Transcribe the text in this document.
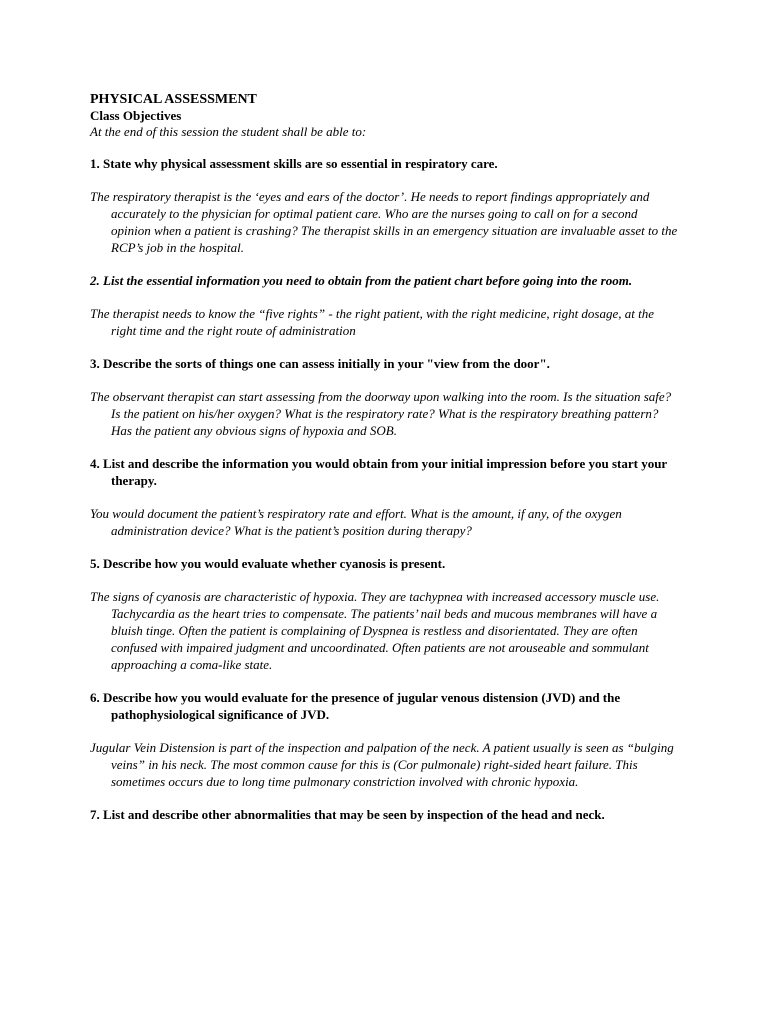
PHYSICAL ASSESSMENT

Class Objectives

At the end of this session the student shall be able to:

1. State why physical assessment skills are so essential in respiratory care.

The respiratory therapist is the ‘eyes and ears of the doctor’. He needs to report findings appropriately and accurately to the physician for optimal patient care. Who are the nurses going to call on for a second opinion when a patient is crashing? The therapist skills in an emergency situation are invaluable asset to the RCP’s job in the hospital.

2. List the essential information you need to obtain from the patient chart before going into the room.

The therapist needs to know the “five rights” - the right patient, with the right medicine, right dosage, at the right time and the right route of administration

3. Describe the sorts of things one can assess initially in your "view from the door".

The observant therapist can start assessing from the doorway upon walking into the room. Is the situation safe? Is the patient on his/her oxygen? What is the respiratory rate? What is the respiratory breathing pattern? Has the patient any obvious signs of hypoxia and SOB.

4. List and describe the information you would obtain from your initial impression before you start your therapy.

You would document the patient’s respiratory rate and effort. What is the amount, if any, of the oxygen administration device? What is the patient’s position during therapy?

5. Describe how you would evaluate whether cyanosis is present.

The signs of cyanosis are characteristic of hypoxia. They are tachypnea with increased accessory muscle use. Tachycardia as the heart tries to compensate. The patients’ nail beds and mucous membranes will have a bluish tinge. Often the patient is complaining of Dyspnea is restless and disorientated. They are often confused with impaired judgment and uncoordinated. Often patients are not arouseable and sommulant approaching a coma-like state.

6. Describe how you would evaluate for the presence of jugular venous distension (JVD) and the pathophysiological significance of JVD.

Jugular Vein Distension is part of the inspection and palpation of the neck. A patient usually is seen as “bulging veins” in his neck. The most common cause for this is (Cor pulmonale) right-sided heart failure. This sometimes occurs due to long time pulmonary constriction involved with chronic hypoxia.

7. List and describe other abnormalities that may be seen by inspection of the head and neck.
